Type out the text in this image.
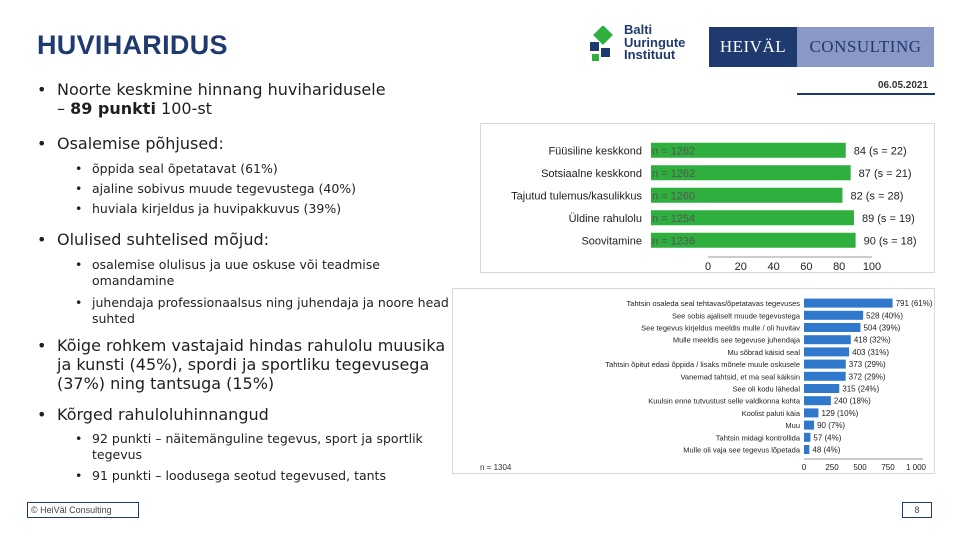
HUVIHARIDUS
Balti
Uuringute
Instituut	HEIVÄL	CONSULTING
06.05.2021
• Noorte keskmine hinnang huviharidusele
– 89 punkti 100-st
• Osalemise põhjused:
• õppida seal õpetatavat (61%)
• ajaline sobivus muude tegevustega (40%)
• huviala kirjeldus ja huvipakkuvus (39%)
• Olulised suhtelised mõjud:
• osalemise olulisus ja uue oskuse või teadmise omandamine
• juhendaja professionaalsus ning juhendaja ja noore head suhted
• Kõige rohkem vastajaid hindas rahulolu muusika ja kunsti (45%), spordi ja sportliku tegevusega (37%) ning tantsuga (15%)
• Kõrged rahuloluhinnangud
• 92 punkti – näitemänguline tegevus, sport ja sportlik tegevus
• 91 punkti – loodusega seotud tegevused, tants
Füüsiline keskkond n = 1262	84 (s = 22)
Sotsiaalne keskkond n = 1262	87 (s = 21)
Tajutud tulemus/kasulikkus n = 1260	82 (s = 28)
Üldine rahulolu n = 1254	89 (s = 19)
Soovitamine n = 1236	90 (s = 18)
0 20 40 60 80 100
Tahtsin osaleda seal tehtavas/õpetatavas tegevuses	791 (61%)
See sobis ajaliselt muude tegevustega	528 (40%)
See tegevus kirjeldus meeldis mulle / oli huvitav	504 (39%)
Mulle meeldis see tegevuse juhendaja	418 (32%)
Mu sõbrad käisid seal	403 (31%)
Tahtsin õpitut edasi õppida / lisaks mõnele muule oskusele	373 (29%)
Vanemad tahtsid, et ma seal käiksin	372 (29%)
See oli kodu lähedal	315 (24%)
Kuulsin enne tutvustust selle valdkonna kohta	240 (18%)
Koolist paluti käia	129 (10%)
Muu 90 (7%)
Tahtsin midagi kontrollida 57 (4%)
Mulle oli vaja see tegevus lõpetada 48 (4%)
0 250 500 750 1 000
n = 1304
© HeiVäl Consulting	8
